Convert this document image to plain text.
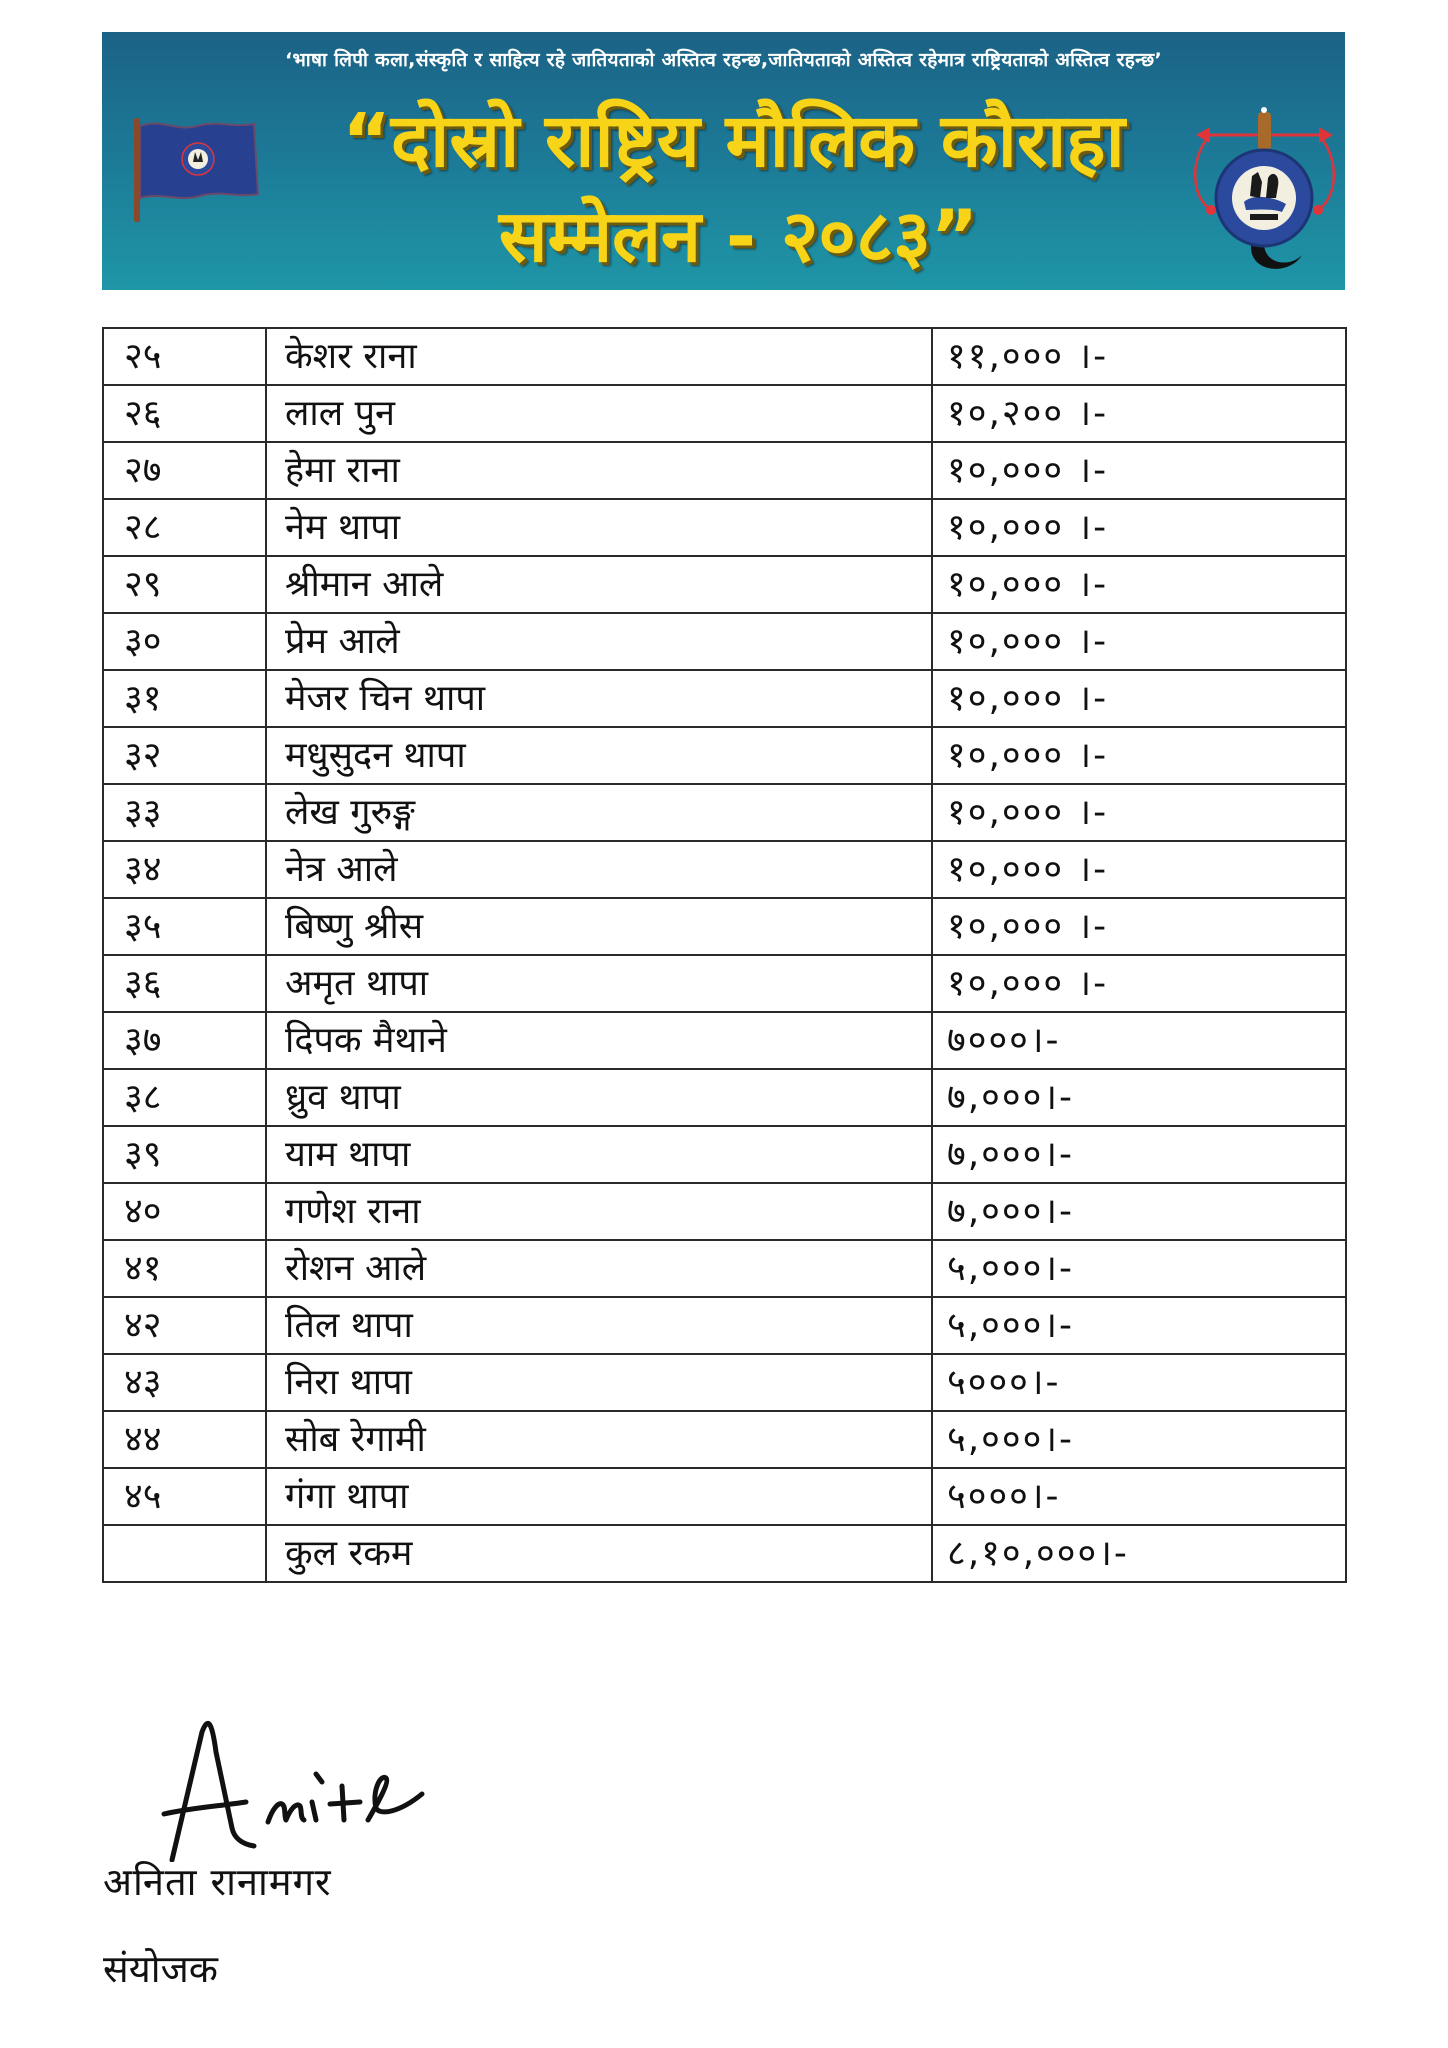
‘भाषा लिपी कला,संस्कृति र साहित्य रहे जातियताको अस्तित्व रहन्छ,जातियताको अस्तित्व रहेमात्र राष्ट्रियताको अस्तित्व रहन्छ’
“दोस्रो राष्ट्रिय मौलिक कौराहा
सम्मेलन - २०८३”
२५	केशर राना	११,००० ।-
२६	लाल पुन	१०,२०० ।-
२७	हेमा राना	१०,००० ।-
२८	नेम थापा	१०,००० ।-
२९	श्रीमान आले	१०,००० ।-
३०	प्रेम आले	१०,००० ।-
३१	मेजर चिन थापा	१०,००० ।-
३२	मधुसुदन थापा	१०,००० ।-
३३	लेख गुरुङ्ग	१०,००० ।-
३४	नेत्र आले	१०,००० ।-
३५	बिष्णु श्रीस	१०,००० ।-
३६	अमृत थापा	१०,००० ।-
३७	दिपक मैथाने	७०००।-
३८	ध्रुव थापा	७,०००।-
३९	याम थापा	७,०००।-
४०	गणेश राना	७,०००।-
४१	रोशन आले	५,०००।-
४२	तिल थापा	५,०००।-
४३	निरा थापा	५०००।-
४४	सोब रेगामी	५,०००।-
४५	गंगा थापा	५०००।-
	कुल रकम	८,१०,०००।-
अनिता रानामगर
संयोजक
